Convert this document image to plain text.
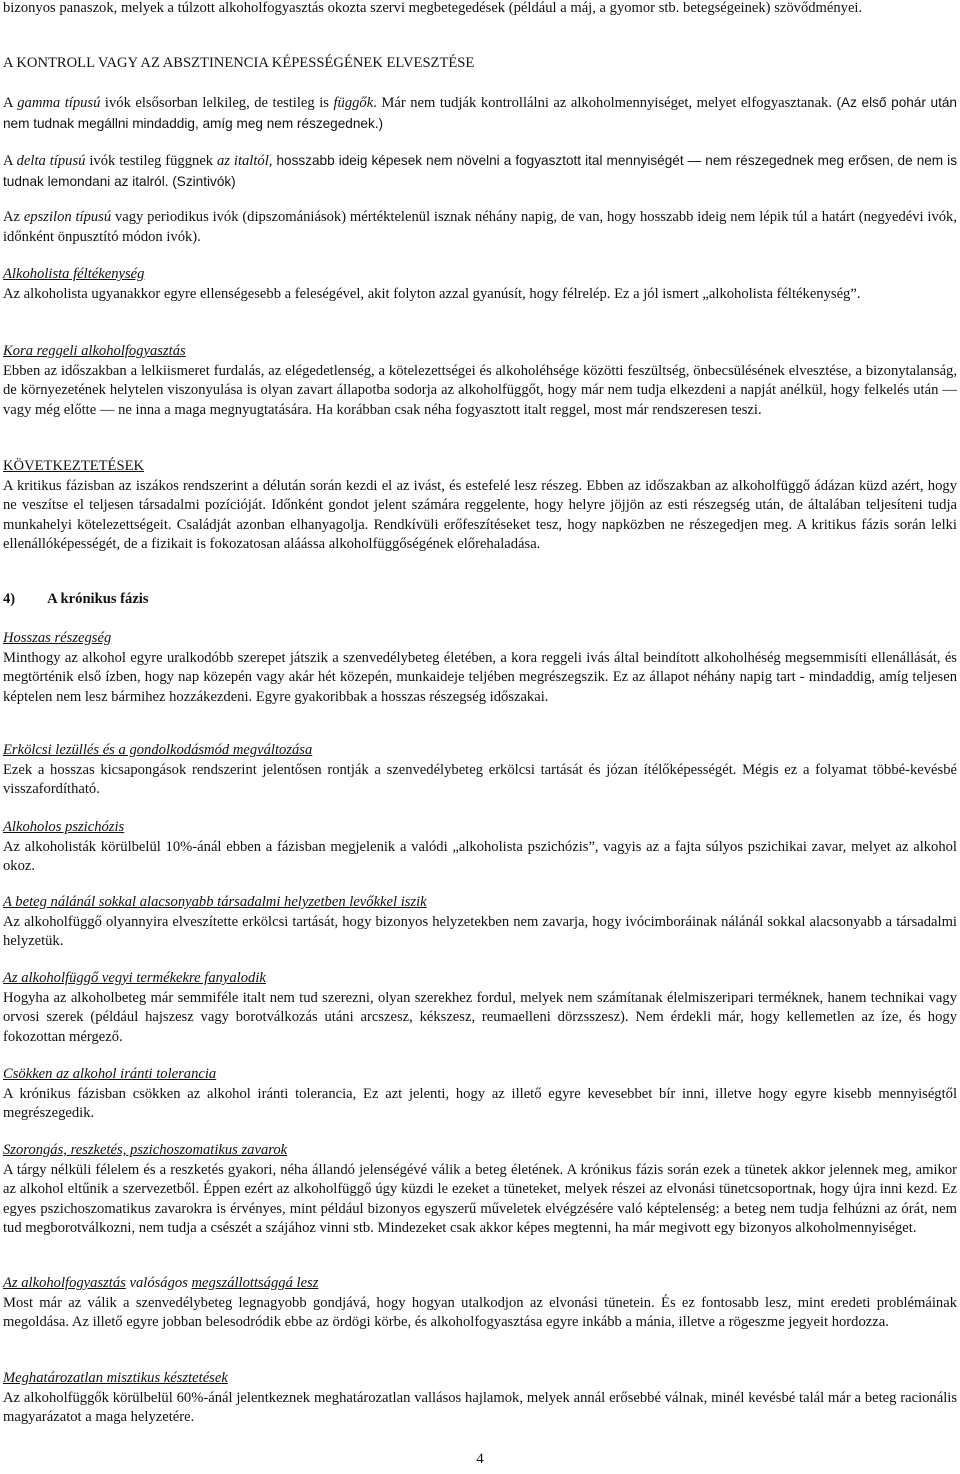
bizonyos panaszok, melyek a túlzott alkoholfogyasztás okozta szervi megbetegedések (például a máj, a gyomor stb. betegségeinek) szövődményei.

A KONTROLL VAGY AZ ABSZTINENCIA KÉPESSÉGÉNEK ELVESZTÉSE

A gamma típusú ivók elsősorban lelkileg, de testileg is függők. Már nem tudják kontrollálni az alkoholmennyiséget, melyet elfogyasztanak. (Az első pohár után nem tudnak megállni mindaddig, amíg meg nem részegednek.)

A delta típusú ivók testileg függnek az italtól, hosszabb ideig képesek nem növelni a fogyasztott ital mennyiségét — nem részegednek meg erősen, de nem is tudnak lemondani az italról. (Szintivók)

Az epszilon típusú vagy periodikus ivók (dipszomániások) mértéktelenül isznak néhány napig, de van, hogy hosszabb ideig nem lépik túl a határt (negyedévi ivók, időnként önpusztító módon ivók).

Alkoholista féltékenység
Az alkoholista ugyanakkor egyre ellenségesebb a feleségével, akit folyton azzal gyanúsít, hogy félrelép. Ez a jól ismert „alkoholista féltékenység”.

Kora reggeli alkoholfogyasztás
Ebben az időszakban a lelkiismeret furdalás, az elégedetlenség, a kötelezettségei és alkoholéhsége közötti feszültség, önbecsülésének elvesztése, a bizonytalanság, de környezetének helytelen viszonyulása is olyan zavart állapotba sodorja az alkoholfüggőt, hogy már nem tudja elkezdeni a napját anélkül, hogy felkelés után — vagy még előtte — ne inna a maga megnyugtatására. Ha korábban csak néha fogyasztott italt reggel, most már rendszeresen teszi.

KÖVETKEZTETÉSEK
A kritikus fázisban az iszákos rendszerint a délután során kezdi el az ivást, és estefelé lesz részeg. Ebben az időszakban az alkoholfüggő ádázan küzd azért, hogy ne veszítse el teljesen társadalmi pozícióját. Időnként gondot jelent számára reggelente, hogy helyre jöjjön az esti részegség után, de általában teljesíteni tudja munkahelyi kötelezettségeit. Családját azonban elhanyagolja. Rendkívüli erőfeszítéseket tesz, hogy napközben ne részegedjen meg. A kritikus fázis során lelki ellenállóképességét, de a fizikait is fokozatosan aláássa alkoholfüggőségének előrehaladása.

4) A krónikus fázis

Hosszas részegség
Minthogy az alkohol egyre uralkodóbb szerepet játszik a szenvedélybeteg életében, a kora reggeli ivás által beindított alkoholhéség megsemmisíti ellenállását, és megtörténik első ízben, hogy nap közepén vagy akár hét közepén, munkaideje teljében megrészegszik. Ez az állapot néhány napig tart - mindaddig, amíg teljesen képtelen nem lesz bármihez hozzákezdeni. Egyre gyakoribbak a hosszas részegség időszakai.

Erkölcsi lezüllés és a gondolkodásmód megváltozása
Ezek a hosszas kicsapongások rendszerint jelentősen rontják a szenvedélybeteg erkölcsi tartását és józan ítélőképességét. Mégis ez a folyamat többé-kevésbé visszafordítható.

Alkoholos pszichózis
Az alkoholisták körülbelül 10%-ánál ebben a fázisban megjelenik a valódi „alkoholista pszichózis”, vagyis az a fajta súlyos pszichikai zavar, melyet az alkohol okoz.

A beteg nálánál sokkal alacsonyabb társadalmi helyzetben levőkkel iszik
Az alkoholfüggő olyannyira elveszítette erkölcsi tartását, hogy bizonyos helyzetekben nem zavarja, hogy ivócimboráinak nálánál sokkal alacsonyabb a társadalmi helyzetük.

Az alkoholfüggő vegyi termékekre fanyalodik
Hogyha az alkoholbeteg már semmiféle italt nem tud szerezni, olyan szerekhez fordul, melyek nem számítanak élelmiszeripari terméknek, hanem technikai vagy orvosi szerek (például hajszesz vagy borotválkozás utáni arcszesz, kékszesz, reumaelleni dörzsszesz). Nem érdekli már, hogy kellemetlen az íze, és hogy fokozottan mérgező.

Csökken az alkohol iránti tolerancia
A krónikus fázisban csökken az alkohol iránti tolerancia, Ez azt jelenti, hogy az illető egyre kevesebbet bír inni, illetve hogy egyre kisebb mennyiségtől megrészegedik.

Szorongás, reszketés, pszichoszomatikus zavarok
A tárgy nélküli félelem és a reszketés gyakori, néha állandó jelenségévé válik a beteg életének. A krónikus fázis során ezek a tünetek akkor jelennek meg, amikor az alkohol eltűnik a szervezetből. Éppen ezért az alkoholfüggő úgy küzdi le ezeket a tüneteket, melyek részei az elvonási tünetcsoportnak, hogy újra inni kezd. Ez egyes pszichoszomatikus zavarokra is érvényes, mint például bizonyos egyszerű műveletek elvégzésére való képtelenség: a beteg nem tudja felhúzni az órát, nem tud megborotválkozni, nem tudja a csészét a szájához vinni stb. Mindezeket csak akkor képes megtenni, ha már megivott egy bizonyos alkoholmennyiséget.

Az alkoholfogyasztás valóságos megszállottsággá lesz
Most már az válik a szenvedélybeteg legnagyobb gondjává, hogy hogyan utalkodjon az elvonási tünetein. És ez fontosabb lesz, mint eredeti problémáinak megoldása. Az illető egyre jobban belesodródik ebbe az ördögi körbe, és alkoholfogyasztása egyre inkább a mánia, illetve a rögeszme jegyeit hordozza.

Meghatározatlan misztikus késztetések
Az alkoholfüggők körülbelül 60%-ánál jelentkeznek meghatározatlan vallásos hajlamok, melyek annál erősebbé válnak, minél kevésbé talál már a beteg racionális magyarázatot a maga helyzetére.

4
